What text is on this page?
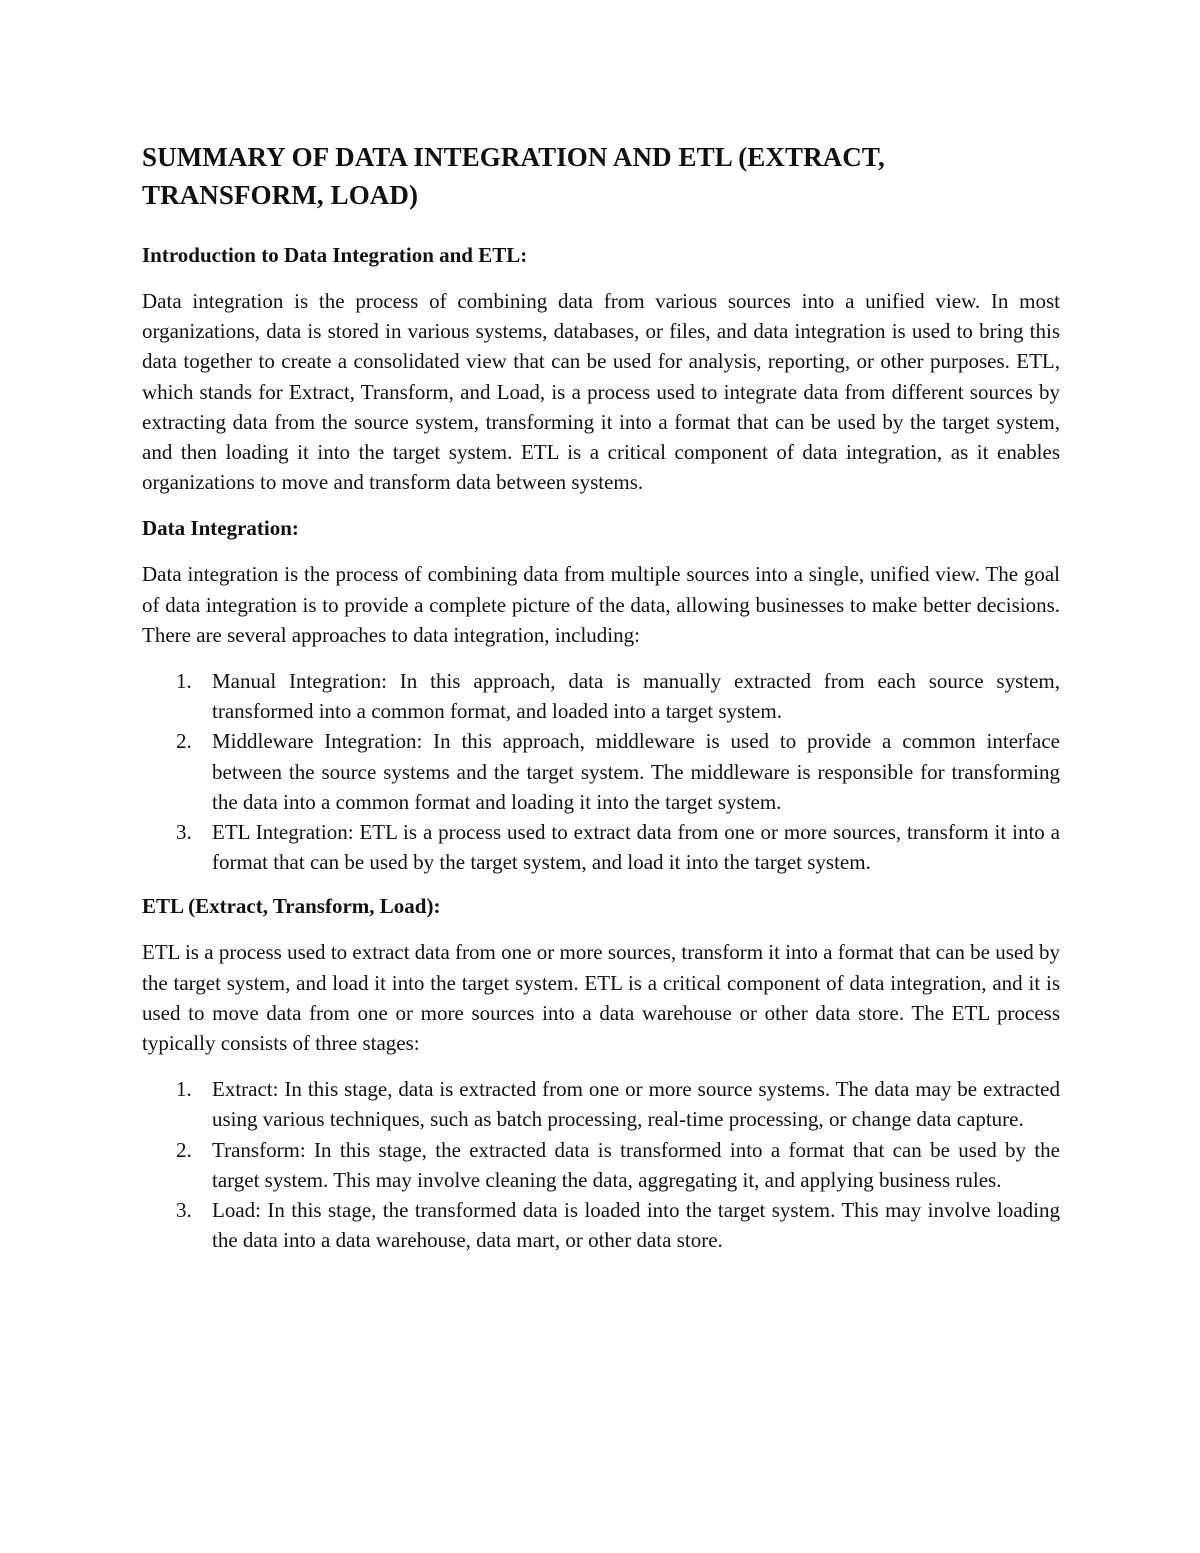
SUMMARY OF DATA INTEGRATION AND ETL (EXTRACT, TRANSFORM, LOAD)
Introduction to Data Integration and ETL:

Data integration is the process of combining data from various sources into a unified view. In most organizations, data is stored in various systems, databases, or files, and data integration is used to bring this data together to create a consolidated view that can be used for analysis, reporting, or other purposes. ETL, which stands for Extract, Transform, and Load, is a process used to integrate data from different sources by extracting data from the source system, transforming it into a format that can be used by the target system, and then loading it into the target system. ETL is a critical component of data integration, as it enables organizations to move and transform data between systems.

Data Integration:

Data integration is the process of combining data from multiple sources into a single, unified view. The goal of data integration is to provide a complete picture of the data, allowing businesses to make better decisions. There are several approaches to data integration, including:

1. Manual Integration: In this approach, data is manually extracted from each source system, transformed into a common format, and loaded into a target system.
2. Middleware Integration: In this approach, middleware is used to provide a common interface between the source systems and the target system. The middleware is responsible for transforming the data into a common format and loading it into the target system.
3. ETL Integration: ETL is a process used to extract data from one or more sources, transform it into a format that can be used by the target system, and load it into the target system.
ETL (Extract, Transform, Load):

ETL is a process used to extract data from one or more sources, transform it into a format that can be used by the target system, and load it into the target system. ETL is a critical component of data integration, and it is used to move data from one or more sources into a data warehouse or other data store. The ETL process typically consists of three stages:

1. Extract: In this stage, data is extracted from one or more source systems. The data may be extracted using various techniques, such as batch processing, real-time processing, or change data capture.
2. Transform: In this stage, the extracted data is transformed into a format that can be used by the target system. This may involve cleaning the data, aggregating it, and applying business rules.
3. Load: In this stage, the transformed data is loaded into the target system. This may involve loading the data into a data warehouse, data mart, or other data store.
